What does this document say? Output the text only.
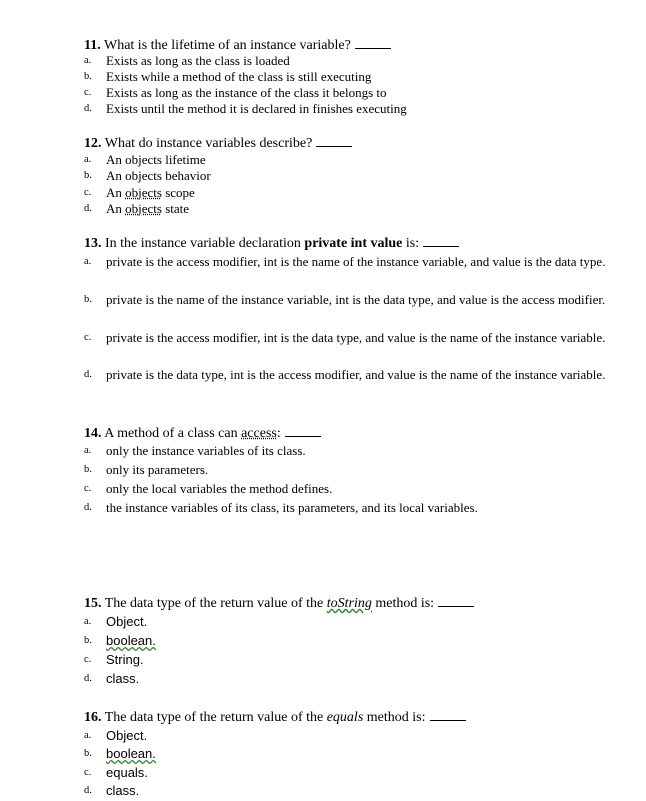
11. What is the lifetime of an instance variable?
a. Exists as long as the class is loaded
b. Exists while a method of the class is still executing
c. Exists as long as the instance of the class it belongs to
d. Exists until the method it is declared in finishes executing
12. What do instance variables describe?
a. An objects lifetime
b. An objects behavior
c. An objects scope
d. An objects state
13. In the instance variable declaration private int value is:
a. private is the access modifier, int is the name of the instance variable, and value is the data type.
b. private is the name of the instance variable, int is the data type, and value is the access modifier.
c. private is the access modifier, int is the data type, and value is the name of the instance variable.
d. private is the data type, int is the access modifier, and value is the name of the instance variable.
14. A method of a class can access:
a. only the instance variables of its class.
b. only its parameters.
c. only the local variables the method defines.
d. the instance variables of its class, its parameters, and its local variables.
15. The data type of the return value of the toString method is:
a. Object.
b. boolean.
c. String.
d. class.
16. The data type of the return value of the equals method is:
a. Object.
b. boolean.
c. equals.
d. class.
